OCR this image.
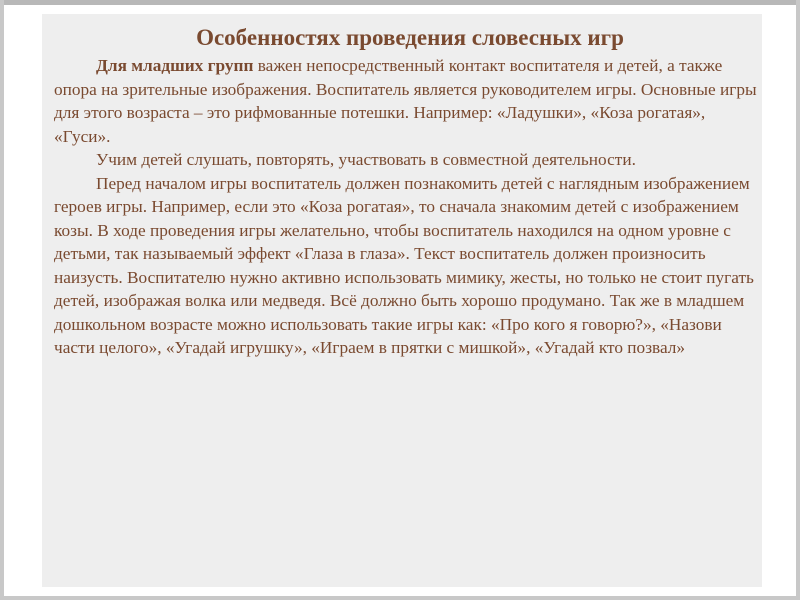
Особенностях проведения словесных игр

Для младших групп важен непосредственный контакт воспитателя и детей, а также опора на зрительные изображения. Воспитатель является руководителем игры. Основные игры для этого возраста – это рифмованные потешки. Например: «Ладушки», «Коза рогатая», «Гуси».

Учим детей слушать, повторять, участвовать в совместной деятельности.

Перед началом игры воспитатель должен познакомить детей с наглядным изображением героев игры. Например, если это «Коза рогатая», то сначала знакомим детей с изображением козы. В ходе проведения игры желательно, чтобы воспитатель находился на одном уровне с детьми, так называемый эффект «Глаза в глаза». Текст воспитатель должен произносить наизусть. Воспитателю нужно активно использовать мимику, жесты, но только не стоит пугать детей, изображая волка или медведя. Всё должно быть хорошо продумано. Так же в младшем дошкольном возрасте можно использовать такие игры как: «Про кого я говорю?», «Назови части целого», «Угадай игрушку», «Играем в прятки с мишкой», «Угадай кто позвал»
